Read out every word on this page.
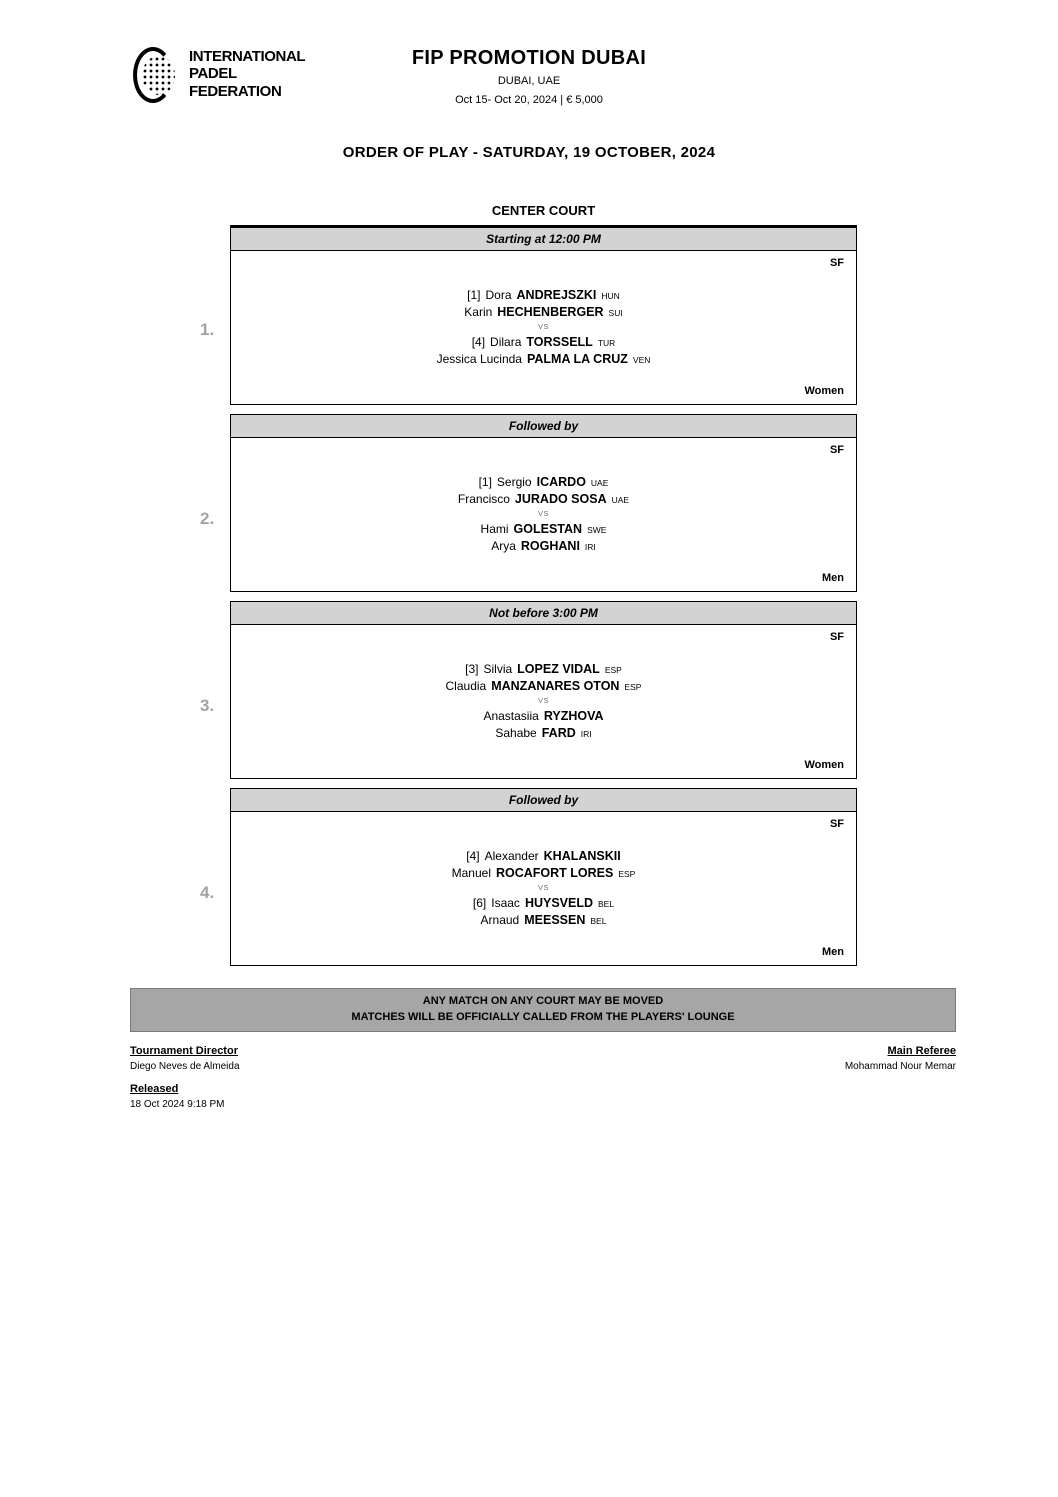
INTERNATIONAL
PADEL
FEDERATION
FIP PROMOTION DUBAI
DUBAI, UAE
Oct 15- Oct 20, 2024 | € 5,000
ORDER OF PLAY - SATURDAY, 19 OCTOBER, 2024
CENTER COURT
Starting at 12:00 PM
SF
[1] Dora ANDREJSZKI HUN
Karin HECHENBERGER SUI
VS
[4] Dilara TORSSELL TUR
Jessica Lucinda PALMA LA CRUZ VEN
Women
1.
Followed by
SF
[1] Sergio ICARDO UAE
Francisco JURADO SOSA UAE
VS
Hami GOLESTAN SWE
Arya ROGHANI IRI
Men
2.
Not before 3:00 PM
SF
[3] Silvia LOPEZ VIDAL ESP
Claudia MANZANARES OTON ESP
VS
Anastasiia RYZHOVA
Sahabe FARD IRI
Women
3.
Followed by
SF
[4] Alexander KHALANSKII
Manuel ROCAFORT LORES ESP
VS
[6] Isaac HUYSVELD BEL
Arnaud MEESSEN BEL
Men
4.
ANY MATCH ON ANY COURT MAY BE MOVED
MATCHES WILL BE OFFICIALLY CALLED FROM THE PLAYERS' LOUNGE
Tournament Director
Diego Neves de Almeida
Released
18 Oct 2024 9:18 PM
Main Referee
Mohammad Nour Memar
